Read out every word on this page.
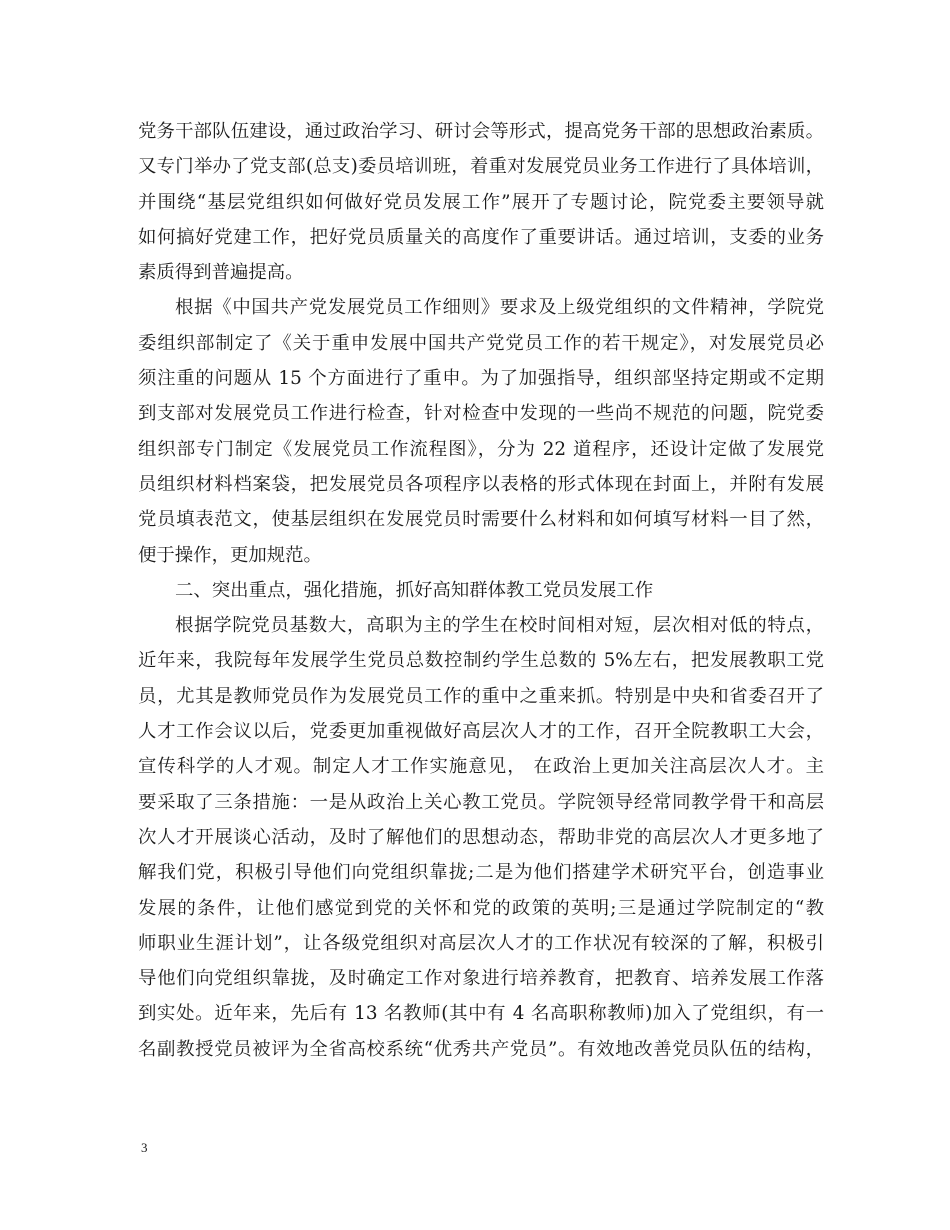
党务干部队伍建设，通过政治学习、研讨会等形式，提高党务干部的思想政治素质。
又专门举办了党支部(总支)委员培训班，着重对发展党员业务工作进行了具体培训，
并围绕“基层党组织如何做好党员发展工作”展开了专题讨论，院党委主要领导就
如何搞好党建工作，把好党员质量关的高度作了重要讲话。通过培训，支委的业务
素质得到普遍提高。
根据《中国共产党发展党员工作细则》要求及上级党组织的文件精神，学院党
委组织部制定了《关于重申发展中国共产党党员工作的若干规定》，对发展党员必
须注重的问题从 15 个方面进行了重申。为了加强指导，组织部坚持定期或不定期
到支部对发展党员工作进行检查，针对检查中发现的一些尚不规范的问题，院党委
组织部专门制定《发展党员工作流程图》，分为 22 道程序，还设计定做了发展党
员组织材料档案袋，把发展党员各项程序以表格的形式体现在封面上，并附有发展
党员填表范文，使基层组织在发展党员时需要什么材料和如何填写材料一目了然，
便于操作，更加规范。
二、突出重点，强化措施，抓好高知群体教工党员发展工作
根据学院党员基数大，高职为主的学生在校时间相对短，层次相对低的特点，
近年来，我院每年发展学生党员总数控制约学生总数的 5%左右，把发展教职工党
员，尤其是教师党员作为发展党员工作的重中之重来抓。特别是中央和省委召开了
人才工作会议以后，党委更加重视做好高层次人才的工作，召开全院教职工大会，
宣传科学的人才观。制定人才工作实施意见， 在政治上更加关注高层次人才。主
要采取了三条措施：一是从政治上关心教工党员。学院领导经常同教学骨干和高层
次人才开展谈心活动，及时了解他们的思想动态，帮助非党的高层次人才更多地了
解我们党，积极引导他们向党组织靠拢;二是为他们搭建学术研究平台，创造事业
发展的条件，让他们感觉到党的关怀和党的政策的英明;三是通过学院制定的“教
师职业生涯计划”，让各级党组织对高层次人才的工作状况有较深的了解，积极引
导他们向党组织靠拢，及时确定工作对象进行培养教育，把教育、培养发展工作落
到实处。近年来，先后有 13 名教师(其中有 4 名高职称教师)加入了党组织，有一
名副教授党员被评为全省高校系统“优秀共产党员”。有效地改善党员队伍的结构，
3
